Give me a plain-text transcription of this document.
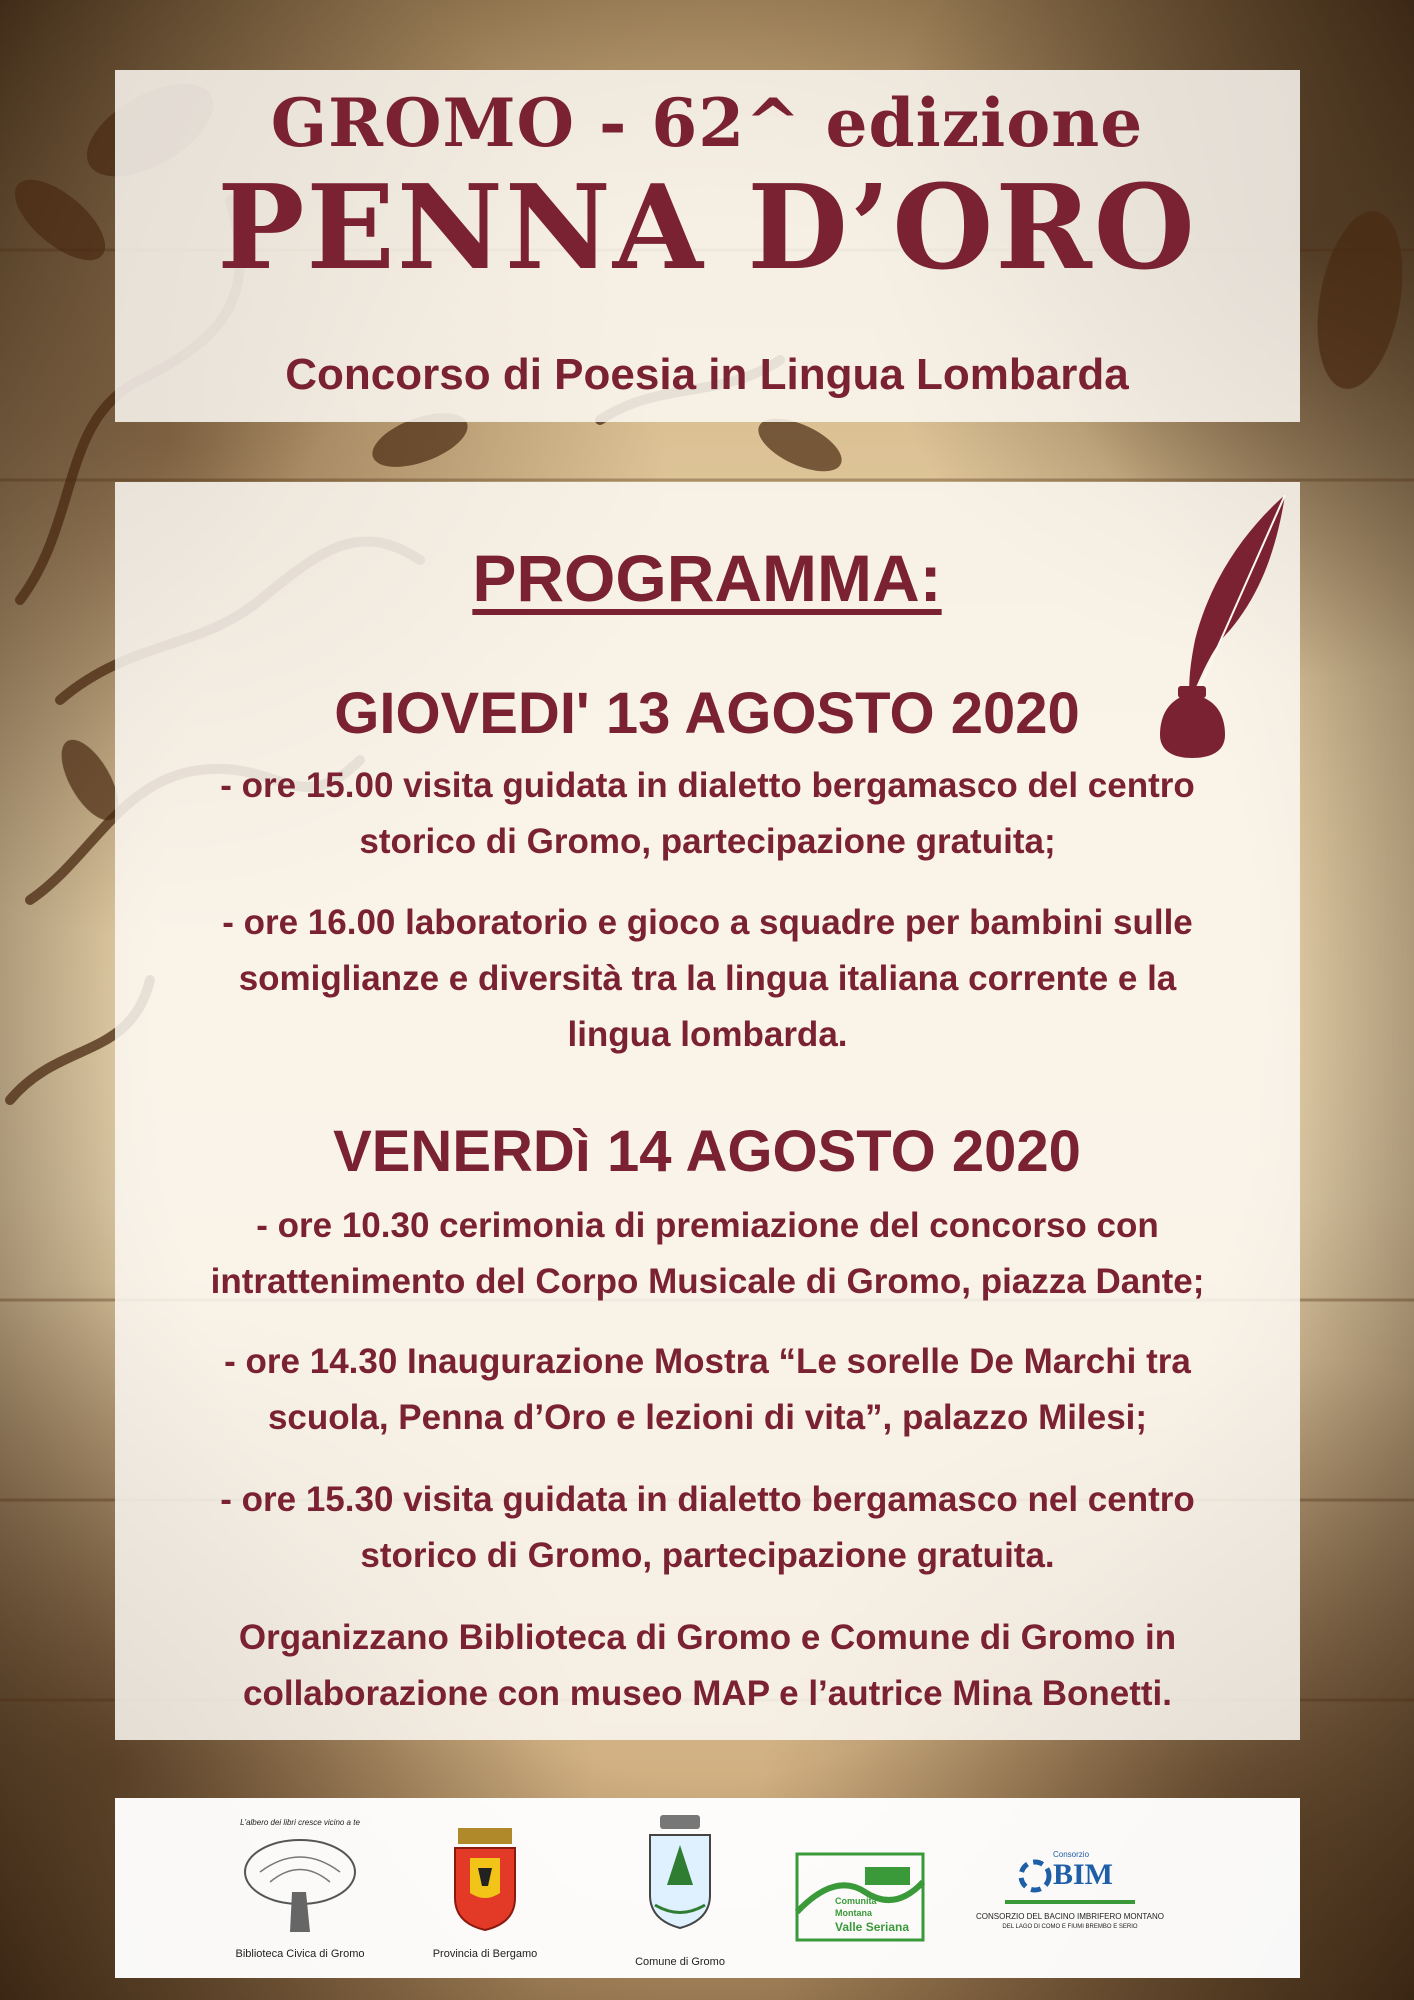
GROMO - 62^ edizione
PENNA D’ORO
Concorso di Poesia in Lingua Lombarda
PROGRAMMA:
GIOVEDI' 13 AGOSTO 2020
- ore 15.00 visita guidata in dialetto bergamasco del centro
storico di Gromo, partecipazione gratuita;
- ore 16.00 laboratorio e gioco a squadre per bambini sulle
somiglianze e diversità tra la lingua italiana corrente e la
lingua lombarda.
VENERDì 14 AGOSTO 2020
- ore 10.30 cerimonia di premiazione del concorso con
intrattenimento del Corpo Musicale di Gromo, piazza Dante;
- ore 14.30 Inaugurazione Mostra “Le sorelle De Marchi tra
scuola, Penna d’Oro e lezioni di vita”, palazzo Milesi;
- ore 15.30 visita guidata in dialetto bergamasco nel centro
storico di Gromo, partecipazione gratuita.
Organizzano Biblioteca di Gromo e Comune di Gromo in
collaborazione con museo MAP e l’autrice Mina Bonetti.
L'albero dei libri cresce vicino a te
Biblioteca Civica di Gromo	Provincia di Bergamo
Comune di Gromo
Comunità
Montana
Valle Seriana
Consorzio
BIM
CONSORZIO DEL BACINO IMBRIFERO MONTANO
DEL LAGO DI COMO E FIUMI BREMBO E SERIO
